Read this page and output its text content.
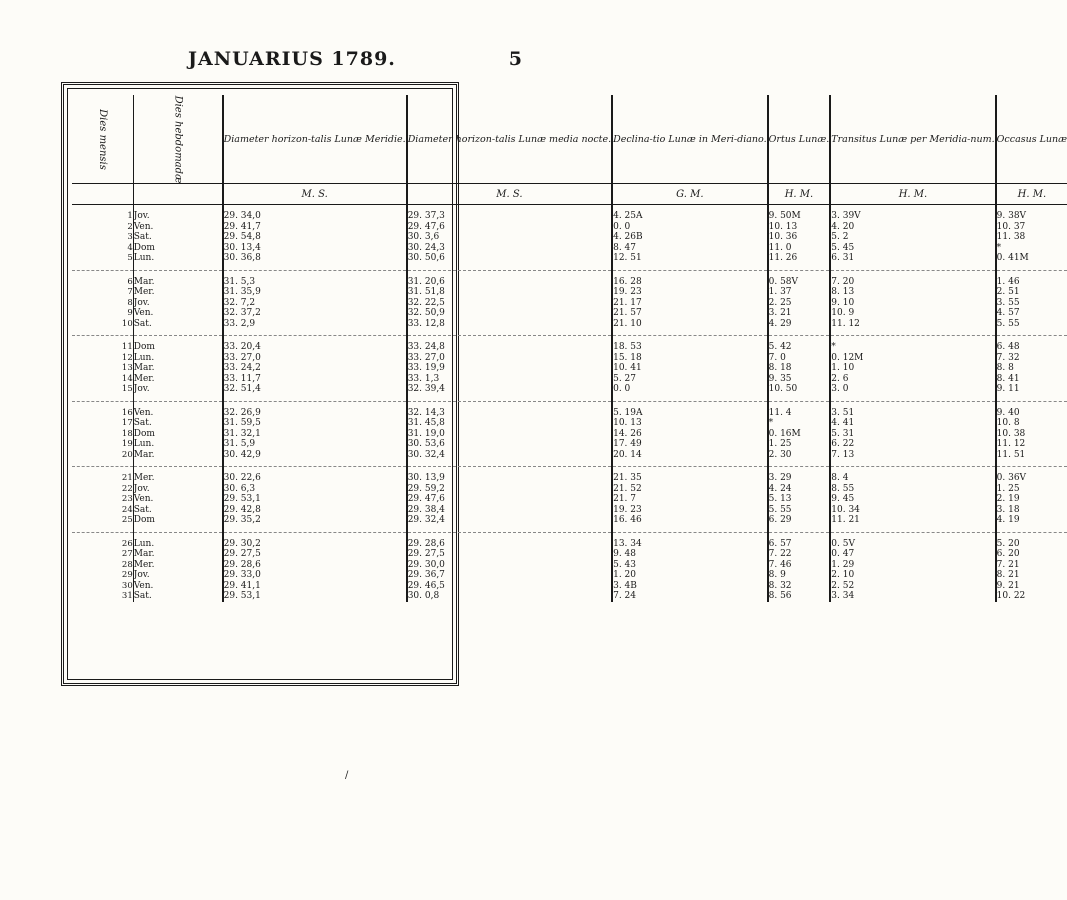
JANUARIUS 1789.	5
Dies mensis	Dies hebdomadæ	Diameter horizon-talis Lunæ Meridie.	Diameter horizon-talis Lunæ media nocte.	Declina-tio Lunæ in Meri-diano.	Ortus Lunæ.	Transitus Lunæ per Meridia-num.	Occasus Lunæ
		M. S.	M. S.	G. M.	H. M.	H. M.	H. M.
1	Jov.	29. 34,0	29. 37,3	4. 25A	9. 50M	3. 39V	9. 38V
2	Ven.	29. 41,7	29. 47,6	0. 0	10. 13	4. 20	10. 37
3	Sat.	29. 54,8	30. 3,6	4. 26B	10. 36	5. 2	11. 38
4	Dom	30. 13,4	30. 24,3	8. 47	11. 0	5. 45	*
5	Lun.	30. 36,8	30. 50,6	12. 51	11. 26	6. 31	0. 41M
6	Mar.	31. 5,3	31. 20,6	16. 28	0. 58V	7. 20	1. 46
7	Mer.	31. 35,9	31. 51,8	19. 23	1. 37	8. 13	2. 51
8	Jov.	32. 7,2	32. 22,5	21. 17	2. 25	9. 10	3. 55
9	Ven.	32. 37,2	32. 50,9	21. 57	3. 21	10. 9	4. 57
10	Sat.	33. 2,9	33. 12,8	21. 10	4. 29	11. 12	5. 55
11	Dom	33. 20,4	33. 24,8	18. 53	5. 42	*	6. 48
12	Lun.	33. 27,0	33. 27,0	15. 18	7. 0	0. 12M	7. 32
13	Mar.	33. 24,2	33. 19,9	10. 41	8. 18	1. 10	8. 8
14	Mer.	33. 11,7	33. 1,3	5. 27	9. 35	2. 6	8. 41
15	Jov.	32. 51,4	32. 39,4	0. 0	10. 50	3. 0	9. 11
16	Ven.	32. 26,9	32. 14,3	5. 19A	11. 4	3. 51	9. 40
17	Sat.	31. 59,5	31. 45,8	10. 13	*	4. 41	10. 8
18	Dom	31. 32,1	31. 19,0	14. 26	0. 16M	5. 31	10. 38
19	Lun.	31. 5,9	30. 53,6	17. 49	1. 25	6. 22	11. 12
20	Mar.	30. 42,9	30. 32,4	20. 14	2. 30	7. 13	11. 51
21	Mer.	30. 22,6	30. 13,9	21. 35	3. 29	8. 4	0. 36V
22	Jov.	30. 6,3	29. 59,2	21. 52	4. 24	8. 55	1. 25
23	Ven.	29. 53,1	29. 47,6	21. 7	5. 13	9. 45	2. 19
24	Sat.	29. 42,8	29. 38,4	19. 23	5. 55	10. 34	3. 18
25	Dom	29. 35,2	29. 32,4	16. 46	6. 29	11. 21	4. 19
26	Lun.	29. 30,2	29. 28,6	13. 34	6. 57	0. 5V	5. 20
27	Mar.	29. 27,5	29. 27,5	9. 48	7. 22	0. 47	6. 20
28	Mer.	29. 28,6	29. 30,0	5. 43	7. 46	1. 29	7. 21
29	Jov.	29. 33,0	29. 36,7	1. 20	8. 9	2. 10	8. 21
30	Ven.	29. 41,1	29. 46,5	3. 4B	8. 32	2. 52	9. 21
31	Sat.	29. 53,1	30. 0,8	7. 24	8. 56	3. 34	10. 22
/
